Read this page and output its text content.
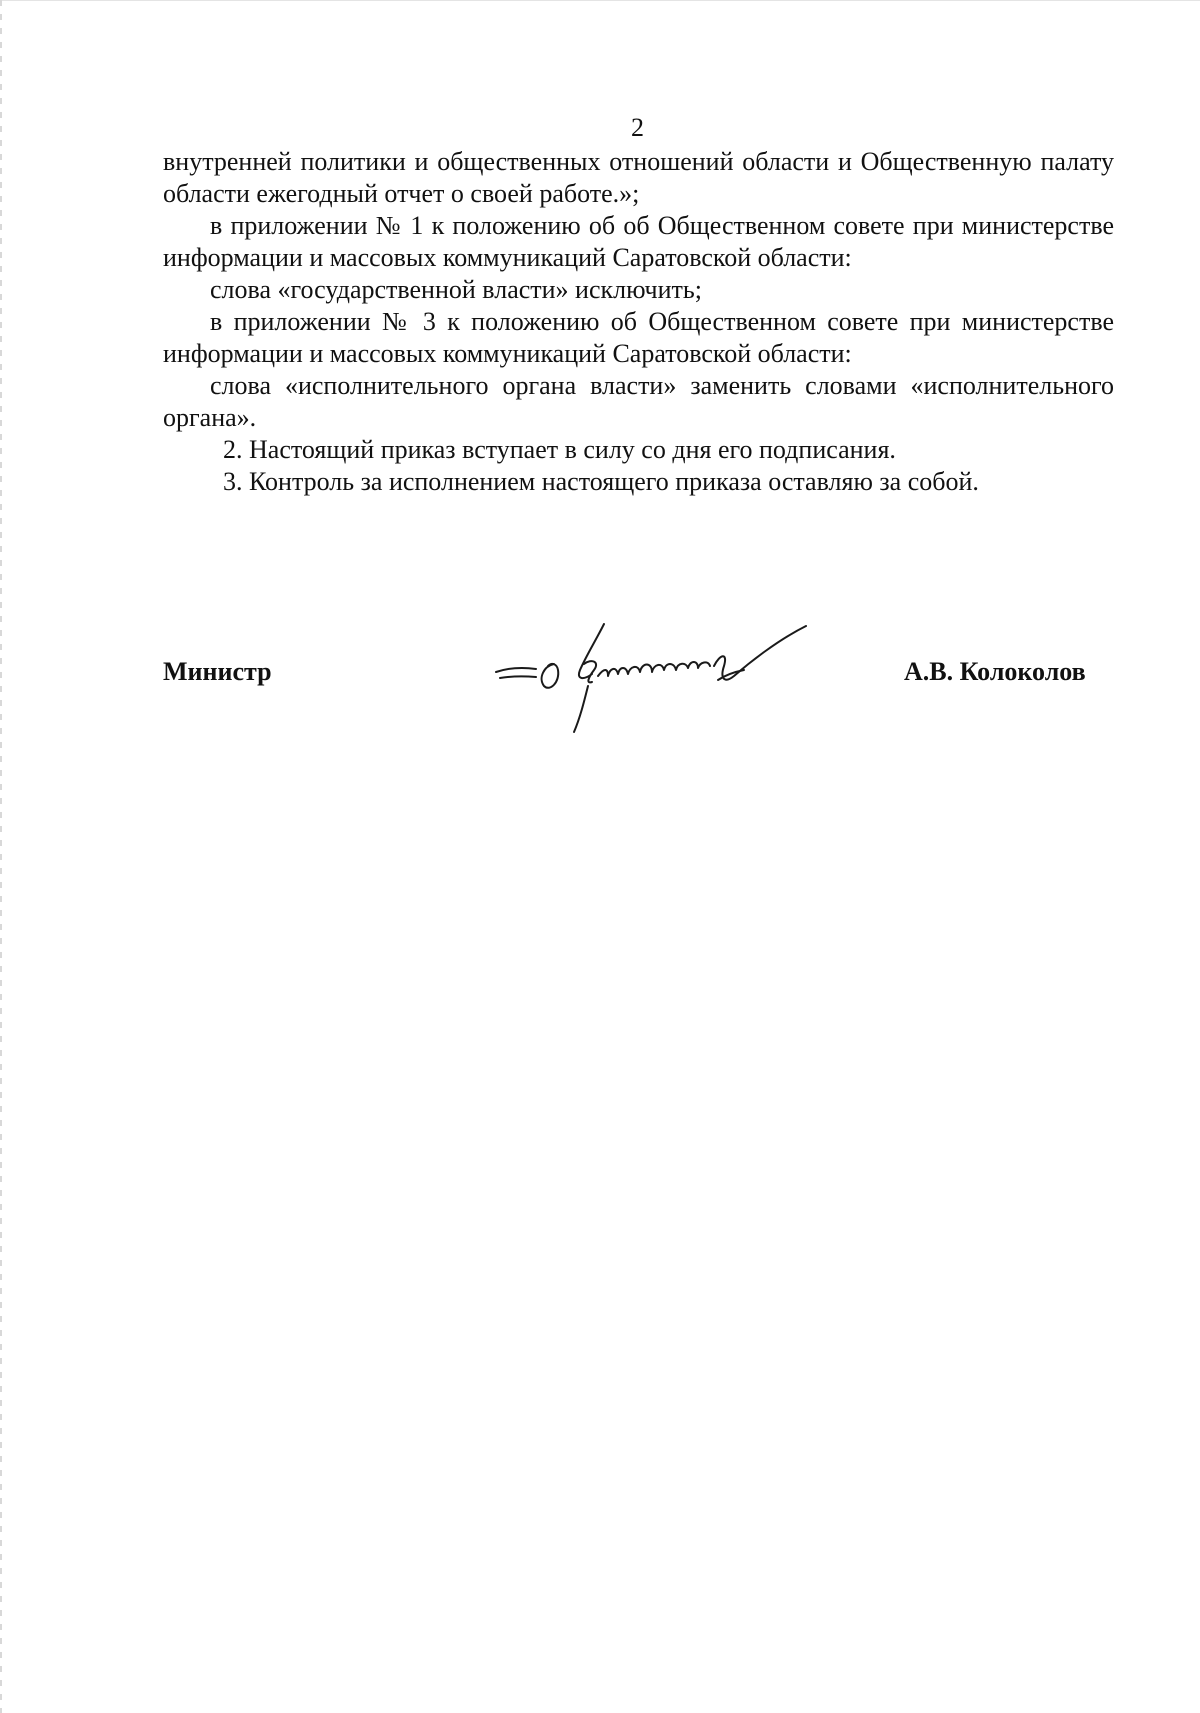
2

внутренней политики и общественных отношений области и Общественную палату области ежегодный отчет о своей работе.»;

в приложении № 1 к положению об об Общественном совете при министерстве информации и массовых коммуникаций Саратовской области:

слова «государственной власти» исключить;

в приложении № 3 к положению об Общественном совете при министерстве информации и массовых коммуникаций Саратовской области:

слова «исполнительного органа власти» заменить словами «исполнительного органа».

2. Настоящий приказ вступает в силу со дня его подписания.

3. Контроль за исполнением настоящего приказа оставляю за собой.

Министр	А.В. Колоколов
